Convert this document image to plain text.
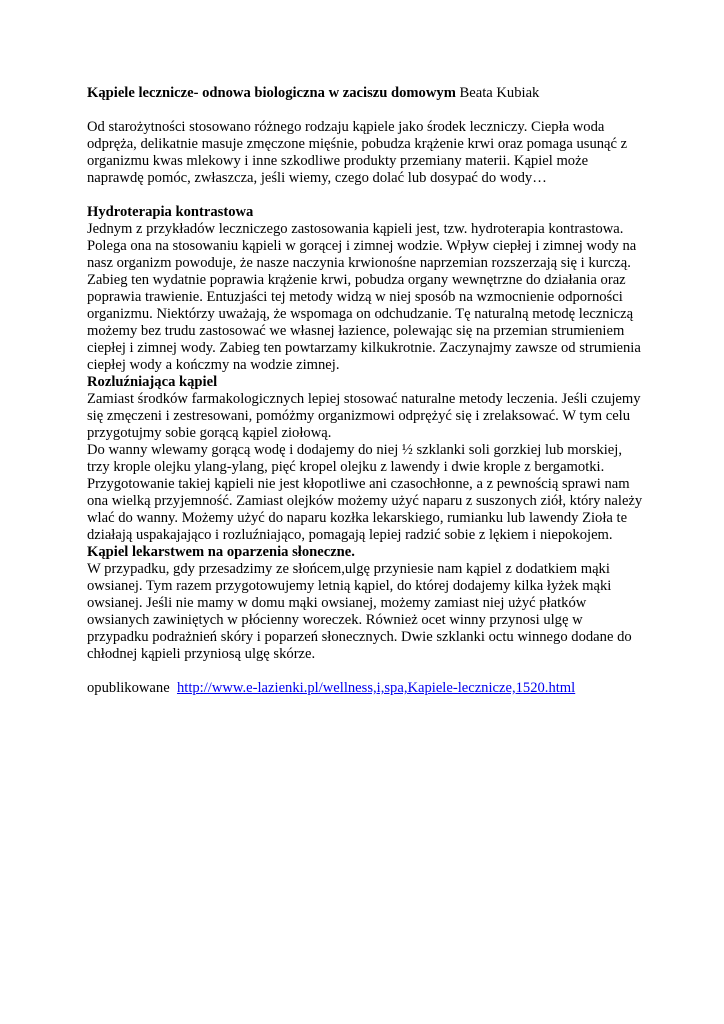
Kąpiele lecznicze- odnowa biologiczna w zaciszu domowym Beata Kubiak

Od starożytności stosowano różnego rodzaju kąpiele jako środek leczniczy. Ciepła woda odpręża, delikatnie masuje zmęczone mięśnie, pobudza krążenie krwi oraz pomaga usunąć z organizmu kwas mlekowy i inne szkodliwe produkty przemiany materii. Kąpiel może naprawdę pomóc, zwłaszcza, jeśli wiemy, czego dolać lub dosypać do wody…

Hydroterapia kontrastowa

Jednym z przykładów leczniczego zastosowania kąpieli jest, tzw. hydroterapia kontrastowa. Polega ona na stosowaniu kąpieli w gorącej i zimnej wodzie. Wpływ ciepłej i zimnej wody na nasz organizm powoduje, że nasze naczynia krwionośne naprzemian rozszerzają się i kurczą. Zabieg ten wydatnie poprawia krążenie krwi, pobudza organy wewnętrzne do działania oraz poprawia trawienie. Entuzjaści tej metody widzą w niej sposób na wzmocnienie odporności organizmu. Niektórzy uważają, że wspomaga on odchudzanie. Tę naturalną metodę leczniczą możemy bez trudu zastosować we własnej łazience, polewając się na przemian strumieniem ciepłej i zimnej wody. Zabieg ten powtarzamy kilkukrotnie. Zaczynajmy zawsze od strumienia ciepłej wody a kończmy na wodzie zimnej.

Rozluźniająca kąpiel

Zamiast środków farmakologicznych lepiej stosować naturalne metody leczenia. Jeśli czujemy się zmęczeni i zestresowani, pomóżmy organizmowi odprężyć się i zrelaksować. W tym celu przygotujmy sobie gorącą kąpiel ziołową.

Do wanny wlewamy gorącą wodę i dodajemy do niej ½ szklanki soli gorzkiej lub morskiej, trzy krople olejku ylang-ylang, pięć kropel olejku z lawendy i dwie krople z bergamotki. Przygotowanie takiej kąpieli nie jest kłopotliwe ani czasochłonne, a z pewnością sprawi nam ona wielką przyjemność. Zamiast olejków możemy użyć naparu z suszonych ziół, który należy wlać do wanny. Możemy użyć do naparu kozłka lekarskiego, rumianku lub lawendy Zioła te działają uspakajająco i rozluźniająco, pomagają lepiej radzić sobie z lękiem i niepokojem.

Kąpiel lekarstwem na oparzenia słoneczne.

W przypadku, gdy przesadzimy ze słońcem,ulgę przyniesie nam kąpiel z dodatkiem mąki owsianej. Tym razem przygotowujemy letnią kąpiel, do której dodajemy kilka łyżek mąki owsianej. Jeśli nie mamy w domu mąki owsianej, możemy zamiast niej użyć płatków owsianych zawiniętych w płócienny woreczek. Również ocet winny przynosi ulgę w przypadku podrażnień skóry i poparzeń słonecznych. Dwie szklanki octu winnego dodane do chłodnej kąpieli przyniosą ulgę skórze.

opublikowane http://www.e-lazienki.pl/wellness,i,spa,Kapiele-lecznicze,1520.html
